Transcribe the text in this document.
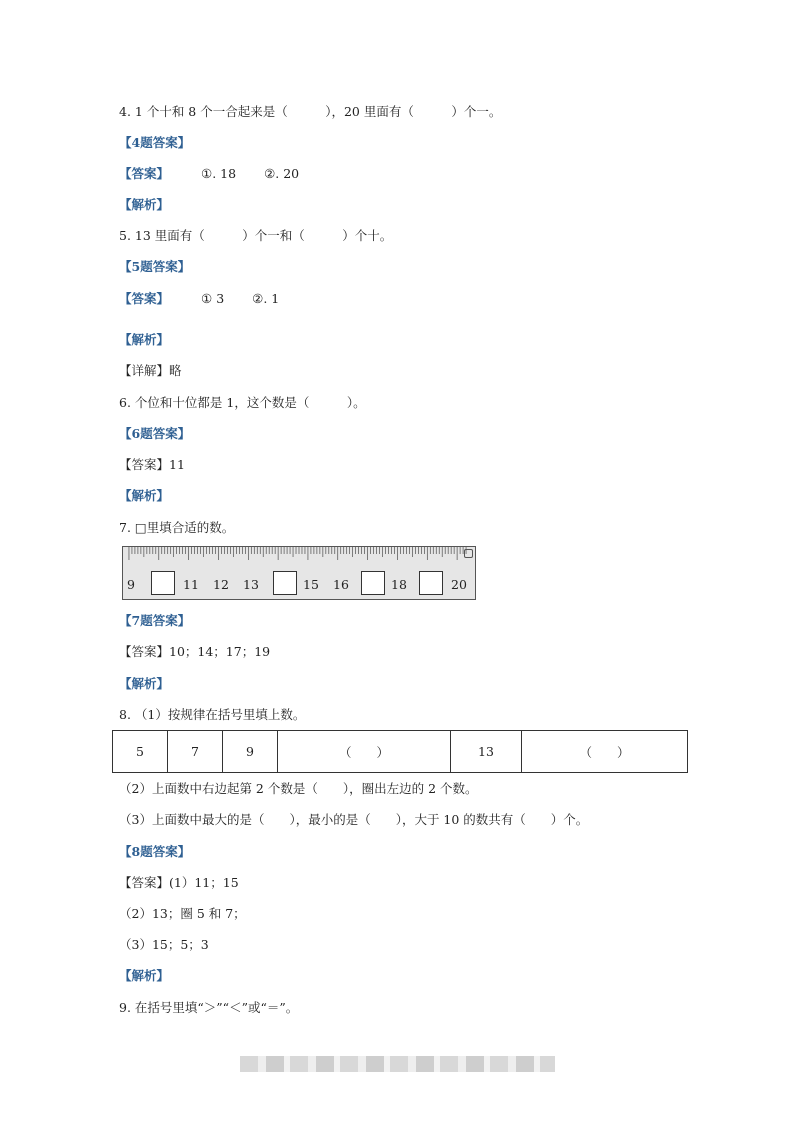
4. 1 个十和 8 个一合起来是（　　　），20 里面有（　　　）个一。
【4题答案】
【答案】	①. 18 ②. 20
【解析】
5. 13 里面有（　　　）个一和（　　　）个十。
【5题答案】
【答案】	① 3 ②. 1
【解析】
【详解】略
6. 个位和十位都是 1，这个数是（　　　）。
【6题答案】
【答案】11
【解析】
7. □里填合适的数。
9	11 12 13	15 16	18	20
【7题答案】
【答案】10；14；17；19
【解析】
8. （1）按规律在括号里填上数。
5	7	9	（　　）	13	（　　）
（2）上面数中右边起第 2 个数是（　　），圈出左边的 2 个数。
（3）上面数中最大的是（　　），最小的是（　　），大于 10 的数共有（　　）个。
【8题答案】
【答案】(1）11；15
（2）13；圈 5 和 7；
（3）15；5；3
【解析】
9. 在括号里填“＞”“＜”或“＝”。
